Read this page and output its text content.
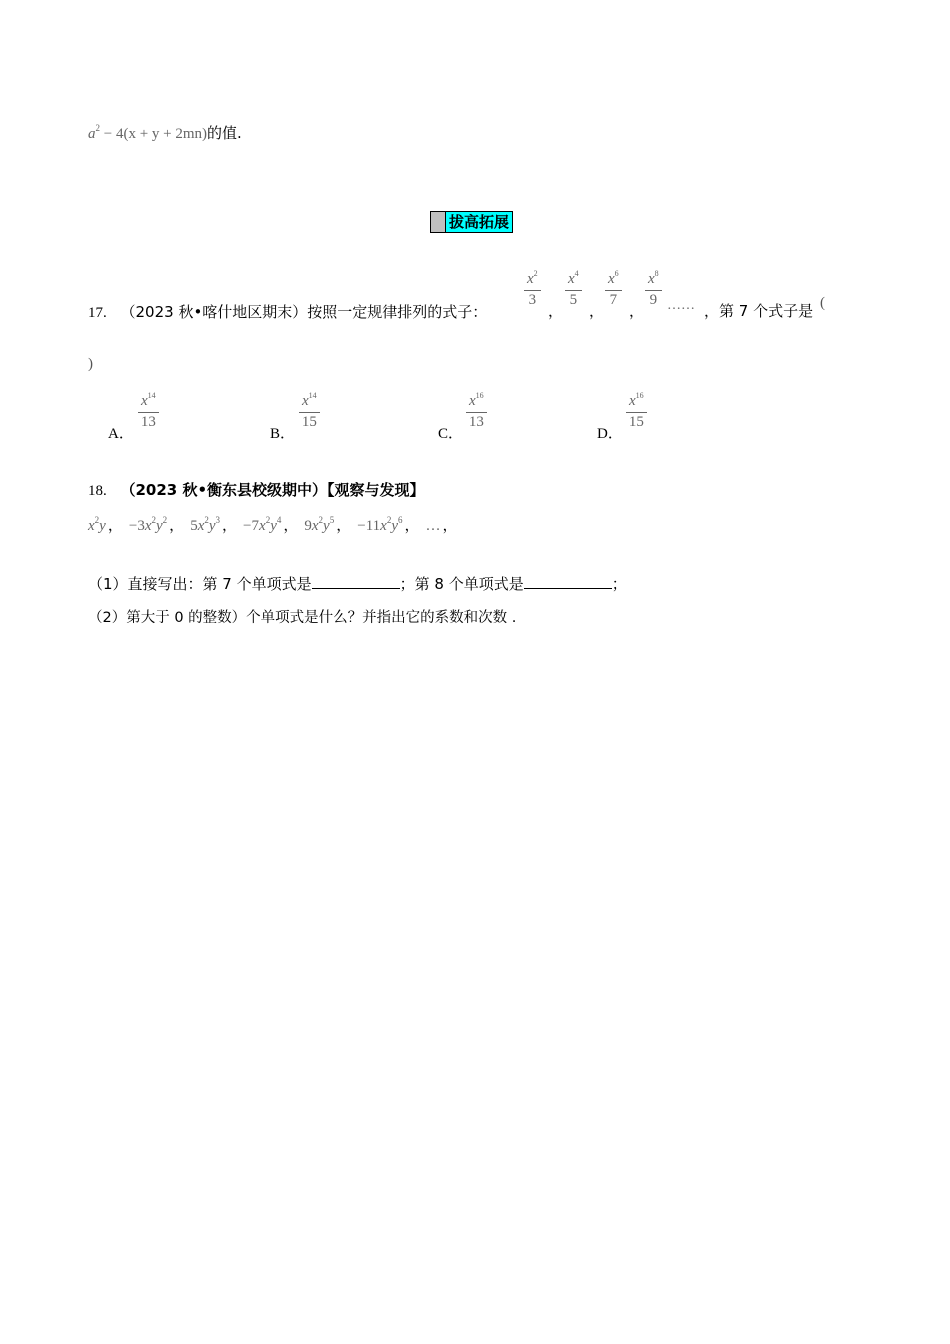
$a^2 - 4(x + y + 2mn)$的值.
拔高拓展
17. （2023 秋•喀什地区期末）按照一定规律排列的式子：
$x^2$
3
，
$x^4$
5
，
$x^6$
7
，
$x^8$
9 …… ，第 7 个式子是 (
)
A．
$x^{14}$
13
B．
$x^{14}$
15
C．
$x^{16}$
13
D．
$x^{16}$
15
18. （2023 秋•衡东县校级期中）【观察与发现】
$x^2y$ ， $-3x^2y^2$ ， $5x^2y^3$ ， $-7x^2y^4$ ， $9x^2y^5$ ， $-11x^2y^6$ ， … ，
（1）直接写出：第 7 个单项式是	；第 8 个单项式是	；
（2）第大于 0 的整数）个单项式是什么？并指出它的系数和次数 .
